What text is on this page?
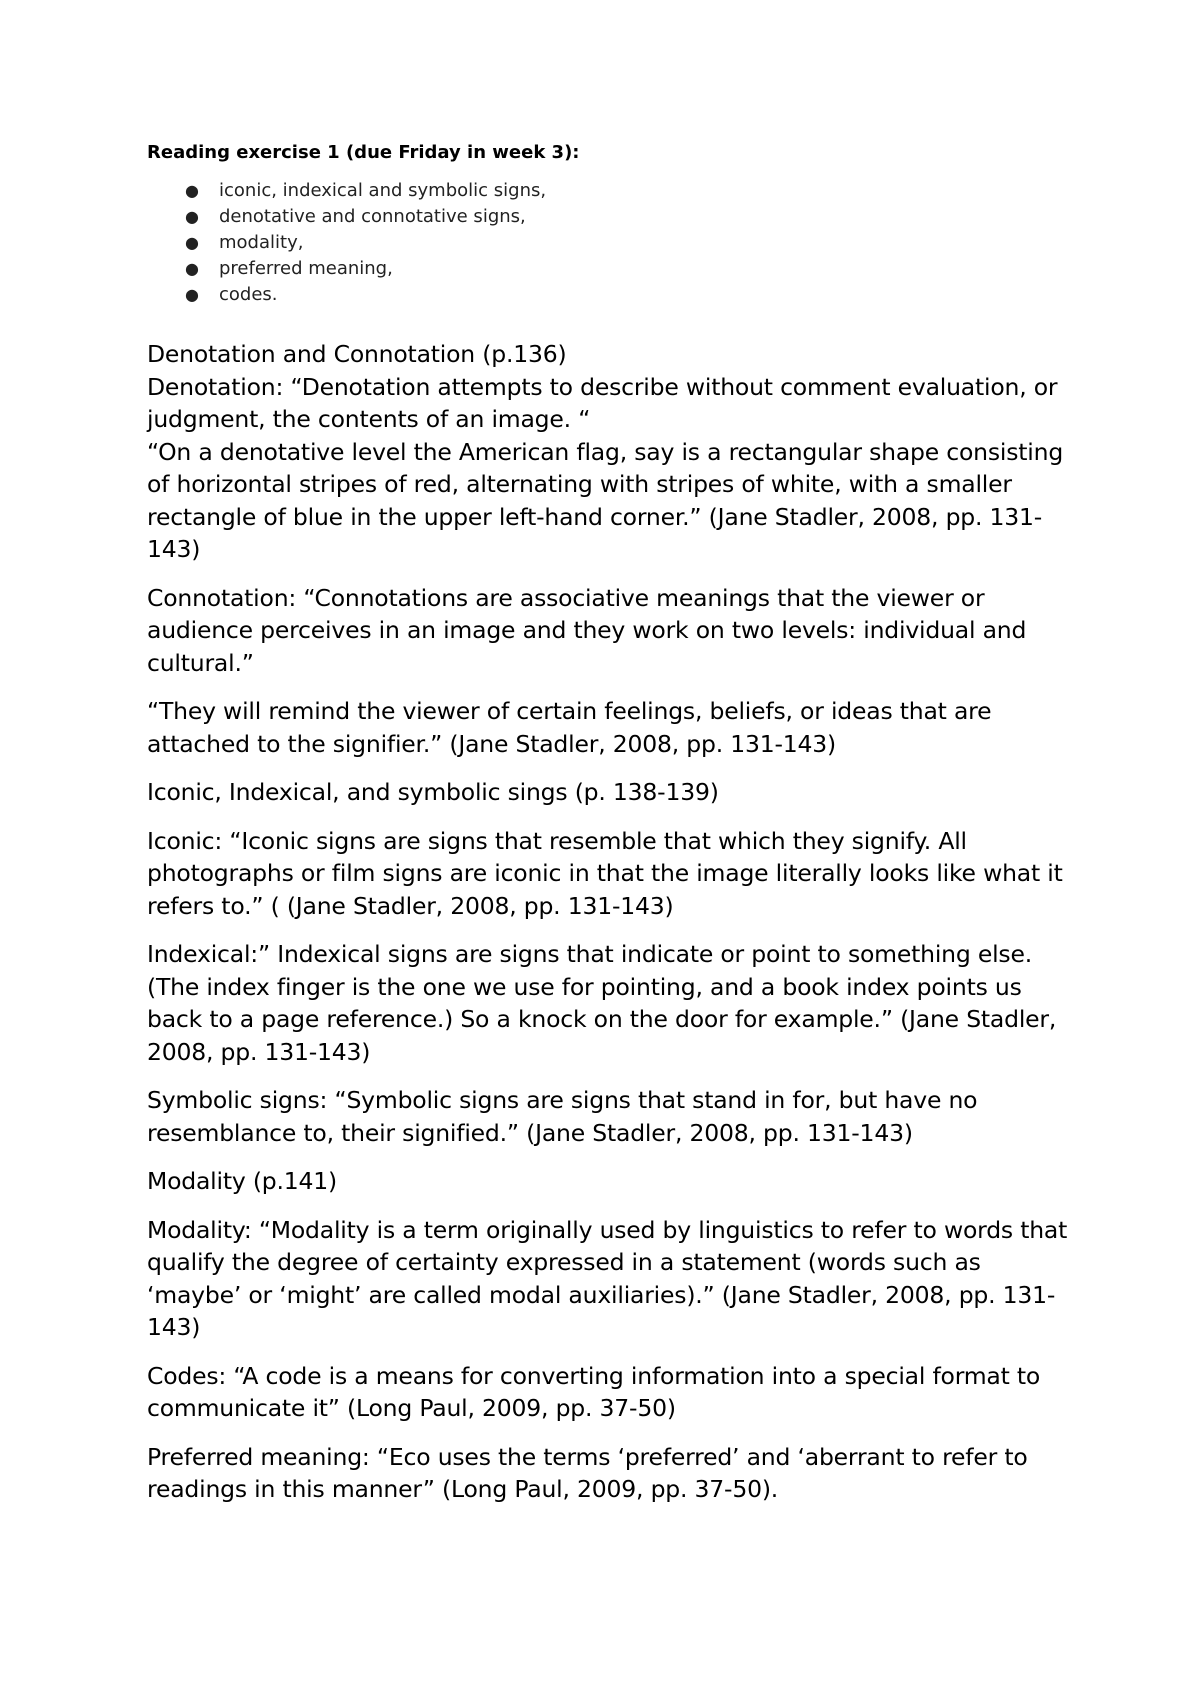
Reading exercise 1 (due Friday in week 3):
● iconic, indexical and symbolic signs,
● denotative and connotative signs,
● modality,
● preferred meaning,
● codes.
Denotation and Connotation (p.136)
Denotation: “Denotation attempts to describe without comment evaluation, or judgment, the contents of an image. “
“On a denotative level the American flag, say is a rectangular shape consisting of horizontal stripes of red, alternating with stripes of white, with a smaller rectangle of blue in the upper left-hand corner.” (Jane Stadler, 2008, pp. 131-143)
Connotation: “Connotations are associative meanings that the viewer or audience perceives in an image and they work on two levels: individual and cultural.”
“They will remind the viewer of certain feelings, beliefs, or ideas that are attached to the signifier.” (Jane Stadler, 2008, pp. 131-143)
Iconic, Indexical, and symbolic sings (p. 138-139)
Iconic: “Iconic signs are signs that resemble that which they signify. All photographs or film signs are iconic in that the image literally looks like what it refers to.” ( (Jane Stadler, 2008, pp. 131-143)
Indexical:” Indexical signs are signs that indicate or point to something else. (The index finger is the one we use for pointing, and a book index points us back to a page reference.) So a knock on the door for example.” (Jane Stadler, 2008, pp. 131-143)
Symbolic signs: “Symbolic signs are signs that stand in for, but have no resemblance to, their signified.” (Jane Stadler, 2008, pp. 131-143)
Modality (p.141)
Modality: “Modality is a term originally used by linguistics to refer to words that qualify the degree of certainty expressed in a statement (words such as ‘maybe’ or ‘might’ are called modal auxiliaries).” (Jane Stadler, 2008, pp. 131-143)
Codes: “A code is a means for converting information into a special format to communicate it” (Long Paul, 2009, pp. 37-50)
Preferred meaning: “Eco uses the terms ‘preferred’ and ‘aberrant to refer to readings in this manner” (Long Paul, 2009, pp. 37-50).
